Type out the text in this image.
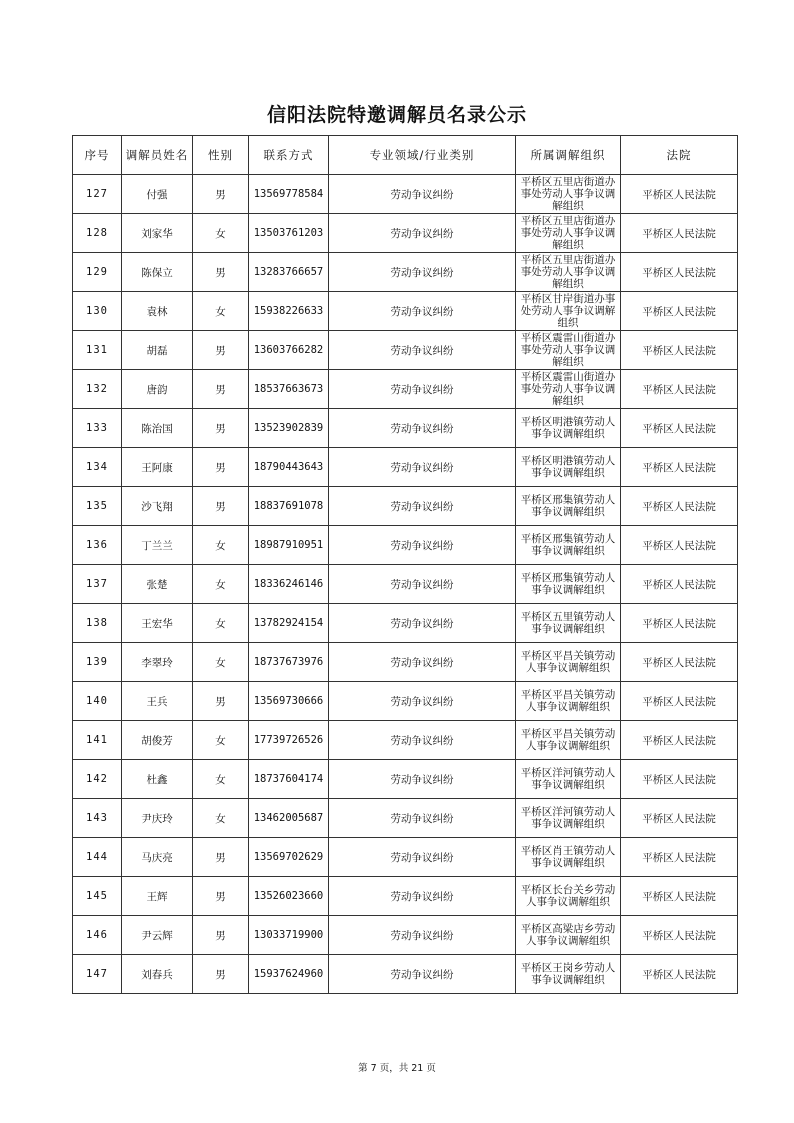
信阳法院特邀调解员名录公示
序号	调解员姓名	性别	联系方式	专业领域/行业类别	所属调解组织	法院
127	付强	男	13569778584	劳动争议纠纷	平桥区五里店街道办事处劳动人事争议调解组织	平桥区人民法院
128	刘家华	女	13503761203	劳动争议纠纷	平桥区五里店街道办事处劳动人事争议调解组织	平桥区人民法院
129	陈保立	男	13283766657	劳动争议纠纷	平桥区五里店街道办事处劳动人事争议调解组织	平桥区人民法院
130	袁林	女	15938226633	劳动争议纠纷	平桥区甘岸街道办事处劳动人事争议调解组织	平桥区人民法院
131	胡磊	男	13603766282	劳动争议纠纷	平桥区震雷山街道办事处劳动人事争议调解组织	平桥区人民法院
132	唐韵	男	18537663673	劳动争议纠纷	平桥区震雷山街道办事处劳动人事争议调解组织	平桥区人民法院
133	陈治国	男	13523902839	劳动争议纠纷	平桥区明港镇劳动人事争议调解组织	平桥区人民法院
134	王阿康	男	18790443643	劳动争议纠纷	平桥区明港镇劳动人事争议调解组织	平桥区人民法院
135	沙飞翔	男	18837691078	劳动争议纠纷	平桥区邢集镇劳动人事争议调解组织	平桥区人民法院
136	丁兰兰	女	18987910951	劳动争议纠纷	平桥区邢集镇劳动人事争议调解组织	平桥区人民法院
137	张楚	女	18336246146	劳动争议纠纷	平桥区邢集镇劳动人事争议调解组织	平桥区人民法院
138	王宏华	女	13782924154	劳动争议纠纷	平桥区五里镇劳动人事争议调解组织	平桥区人民法院
139	李翠玲	女	18737673976	劳动争议纠纷	平桥区平昌关镇劳动人事争议调解组织	平桥区人民法院
140	王兵	男	13569730666	劳动争议纠纷	平桥区平昌关镇劳动人事争议调解组织	平桥区人民法院
141	胡俊芳	女	17739726526	劳动争议纠纷	平桥区平昌关镇劳动人事争议调解组织	平桥区人民法院
142	杜鑫	女	18737604174	劳动争议纠纷	平桥区洋河镇劳动人事争议调解组织	平桥区人民法院
143	尹庆玲	女	13462005687	劳动争议纠纷	平桥区洋河镇劳动人事争议调解组织	平桥区人民法院
144	马庆亮	男	13569702629	劳动争议纠纷	平桥区肖王镇劳动人事争议调解组织	平桥区人民法院
145	王辉	男	13526023660	劳动争议纠纷	平桥区长台关乡劳动人事争议调解组织	平桥区人民法院
146	尹云辉	男	13033719900	劳动争议纠纷	平桥区高梁店乡劳动人事争议调解组织	平桥区人民法院
147	刘春兵	男	15937624960	劳动争议纠纷	平桥区王岗乡劳动人事争议调解组织	平桥区人民法院
第 7 页，共 21 页
